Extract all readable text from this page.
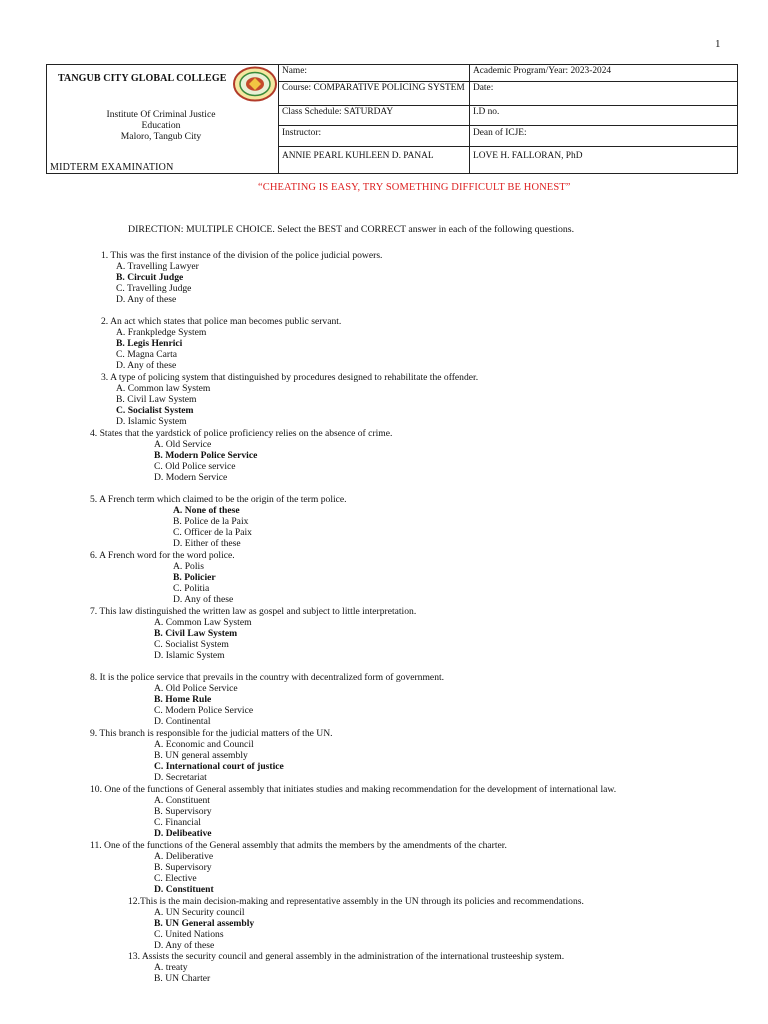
1
TANGUB CITY GLOBAL COLLEGE
Institute Of Criminal Justice
Education
Maloro, Tangub City
MIDTERM EXAMINATION
Name:	Academic Program/Year: 2023-2024
Course: COMPARATIVE POLICING SYSTEM Date:
Class Schedule: SATURDAY	I.D no.
Instructor:	Dean of ICJE:
ANNIE PEARL KUHLEEN D. PANAL	LOVE H. FALLORAN, PhD
“CHEATING IS EASY, TRY SOMETHING DIFFICULT BE HONEST”
DIRECTION: MULTIPLE CHOICE. Select the BEST and CORRECT answer in each of the following questions.
1. This was the first instance of the division of the police judicial powers.
A. Travelling Lawyer
B. Circuit Judge
C. Travelling Judge
D. Any of these
2. An act which states that police man becomes public servant.
A. Frankpledge System
B. Legis Henrici
C. Magna Carta
D. Any of these
3. A type of policing system that distinguished by procedures designed to rehabilitate the offender.
A. Common law System
B. Civil Law System
C. Socialist System
D. Islamic System
4. States that the yardstick of police proficiency relies on the absence of crime.
A. Old Service
B. Modern Police Service
C. Old Police service
D. Modern Service
5. A French term which claimed to be the origin of the term police.
A. None of these
B. Police de la Paix
C. Officer de la Paix
D. Either of these
6. A French word for the word police.
A. Polis
B. Policier
C. Politia
D. Any of these
7. This law distinguished the written law as gospel and subject to little interpretation.
A. Common Law System
B. Civil Law System
C. Socialist System
D. Islamic System
8. It is the police service that prevails in the country with decentralized form of government.
A. Old Police Service
B. Home Rule
C. Modern Police Service
D. Continental
9. This branch is responsible for the judicial matters of the UN.
A. Economic and Council
B. UN general assembly
C. International court of justice
D. Secretariat
10. One of the functions of General assembly that initiates studies and making recommendation for the development of international law.
A. Constituent
B. Supervisory
C. Financial
D. Delibeative
11. One of the functions of the General assembly that admits the members by the amendments of the charter.
A. Deliberative
B. Supervisory
C. Elective
D. Constituent
12.This is the main decision-making and representative assembly in the UN through its policies and recommendations.
A. UN Security council
B. UN General assembly
C. United Nations
D. Any of these
13. Assists the security council and general assembly in the administration of the international trusteeship system.
A. treaty
B. UN Charter
